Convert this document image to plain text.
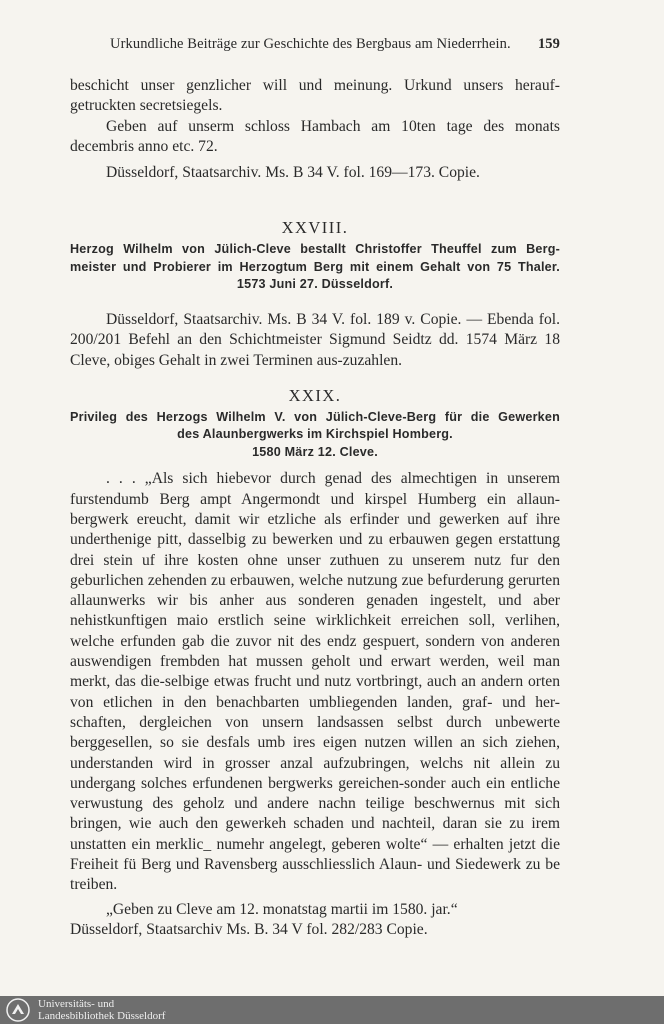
Urkundliche Beiträge zur Geschichte des Bergbaus am Niederrhein. 159

beschicht unser genzlicher will und meinung. Urkund unsers herauf-

getruckten secretsiegels.

Geben auf unserm schloss Hambach am 10ten tage des monats decembris anno etc. 72.

Düsseldorf, Staatsarchiv. Ms. B 34 V. fol. 169—173. Copie.

XXVIII.
Herzog Wilhelm von Jülich-Cleve bestallt Christoffer Theuffel zum Berg-
meister und Probierer im Herzogtum Berg mit einem Gehalt von 75 Thaler.
1573 Juni 27. Düsseldorf.

Düsseldorf, Staatsarchiv. Ms. B 34 V. fol. 189 v. Copie. — Ebenda fol. 200/201 Befehl an den Schichtmeister Sigmund Seidtz dd. 1574 März 18 Cleve, obiges Gehalt in zwei Terminen aus-zuzahlen.

XXIX.
Privileg des Herzogs Wilhelm V. von Jülich-Cleve-Berg für die Gewerken
des Alaunbergwerks im Kirchspiel Homberg.
1580 März 12. Cleve.

. . . „Als sich hiebevor durch genad des almechtigen in unserem furstendumb Berg ampt Angermondt und kirspel Humberg ein allaun-bergwerk ereucht, damit wir etzliche als erfinder und gewerken auf ihre underthenige pitt, dasselbig zu bewerken und zu erbauwen gegen erstattung drei stein uf ihre kosten ohne unser zuthuen zu unserem nutz fur den geburlichen zehenden zu erbauwen, welche nutzung zue befurderung gerurten allaunwerks wir bis anher aus sonderen genaden ingestelt, und aber nehistkunftigen maio erstlich seine wirklichkeit erreichen soll, verlihen, welche erfunden gab die zuvor nit des endz gespuert, sondern von anderen auswendigen frembden hat mussen geholt und erwart werden, weil man merkt, das die-selbige etwas frucht und nutz vortbringt, auch an andern orten von etlichen in den benachbarten umbliegenden landen, graf- und her-schaften, dergleichen von unsern landsassen selbst durch unbewerte berggesellen, so sie desfals umb ires eigen nutzen willen an sich ziehen, understanden wird in grosser anzal aufzubringen, welchs nit allein zu undergang solches erfundenen bergwerks gereichen-sonder auch ein entliche verwustung des geholz und andere nachn teilige beschwernus mit sich bringen, wie auch den gewerkeh schaden und nachteil, daran sie zu irem unstatten ein merklic_ numehr angelegt, geberen wolte“ — erhalten jetzt die Freiheit fü Berg und Ravensberg ausschliesslich Alaun- und Siedewerk zu be treiben.

„Geben zu Cleve am 12. monatstag martii im 1580. jar.“

Düsseldorf, Staatsarchiv Ms. B. 34 V fol. 282/283 Copie.

Universitäts- und
Landesbibliothek Düsseldorf
